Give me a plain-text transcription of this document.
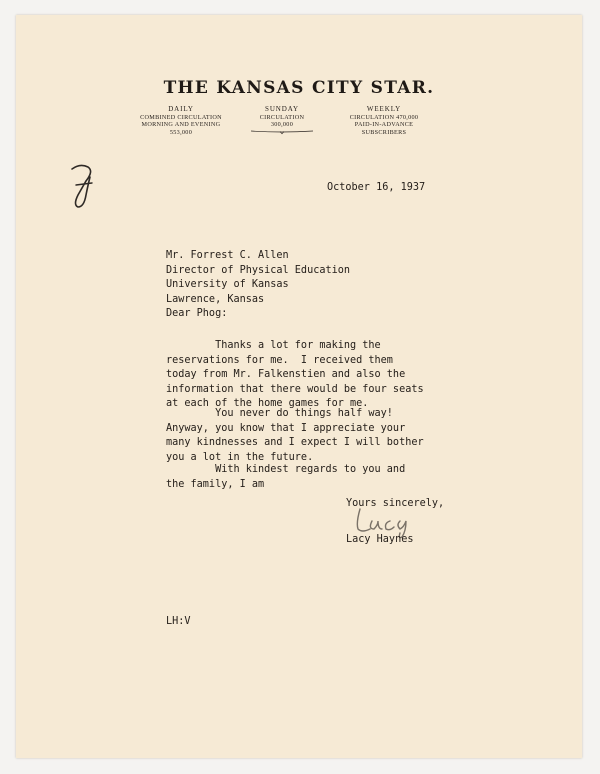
THE KANSAS CITY STAR.
DAILY
COMBINED CIRCULATION
MORNING AND EVENING
553,000
SUNDAY
CIRCULATION
300,000
WEEKLY
CIRCULATION 470,000
PAID-IN-ADVANCE
SUBSCRIBERS
October 16, 1937
Mr. Forrest C. Allen
Director of Physical Education
University of Kansas
Lawrence, Kansas
Dear Phog:
Thanks a lot for making the
reservations for me.  I received them
today from Mr. Falkenstien and also the
information that there would be four seats
at each of the home games for me.
You never do things half way!
Anyway, you know that I appreciate your
many kindnesses and I expect I will bother
you a lot in the future.
With kindest regards to you and
the family, I am
Yours sincerely,
Lacy Haynes
LH:V
